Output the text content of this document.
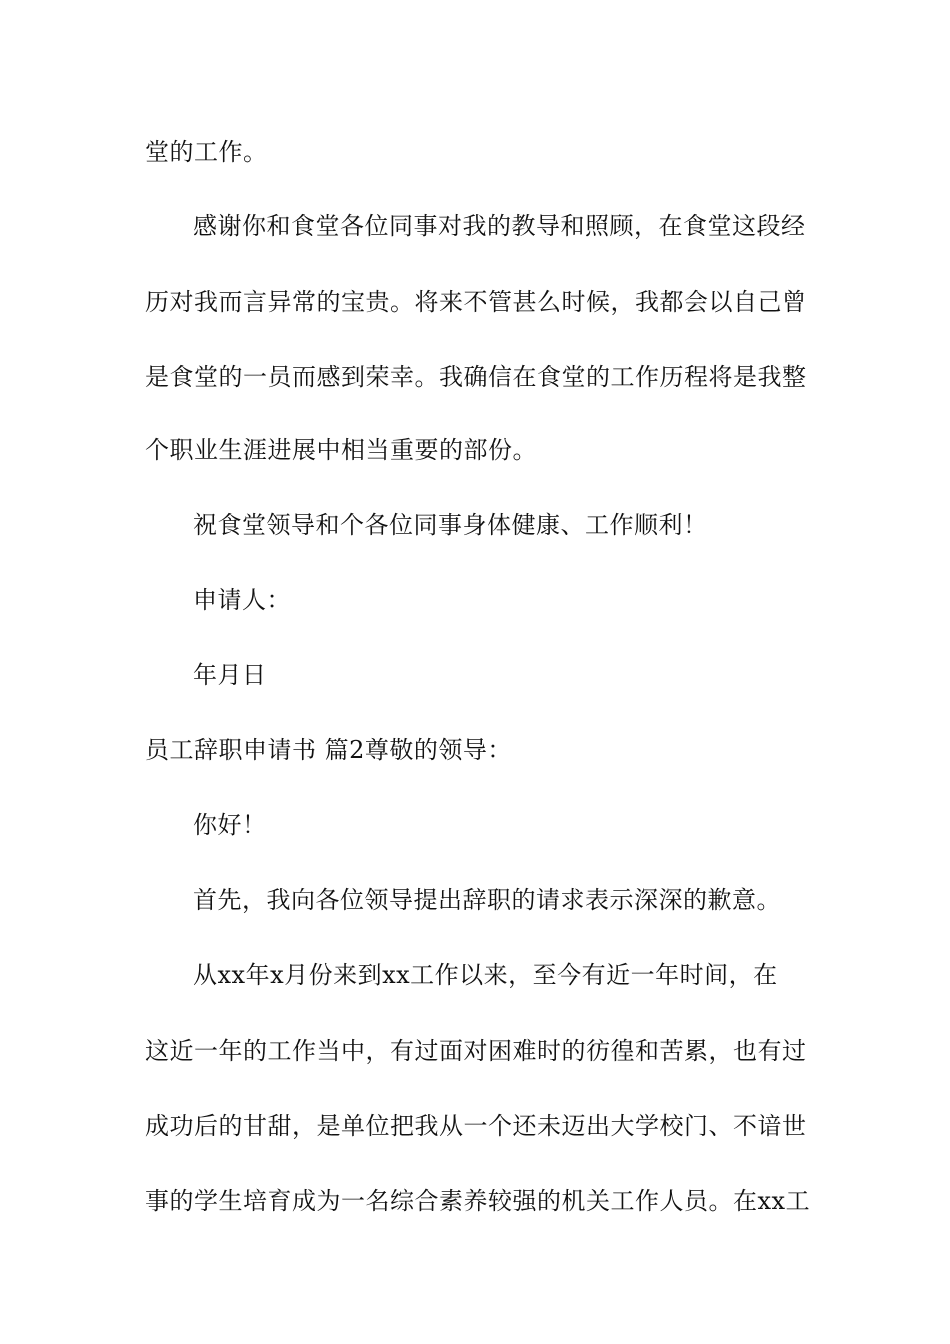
堂的工作。
感谢你和食堂各位同事对我的教导和照顾，在食堂这段经
历对我而言异常的宝贵。将来不管甚么时候，我都会以自己曾
是食堂的一员而感到荣幸。我确信在食堂的工作历程将是我整
个职业生涯进展中相当重要的部份。
祝食堂领导和个各位同事身体健康、工作顺利！
申请人：
年月日
员工辞职申请书 篇2尊敬的领导：
你好！
首先，我向各位领导提出辞职的请求表示深深的歉意。
从xx年x月份来到xx工作以来，至今有近一年时间，在
这近一年的工作当中，有过面对困难时的彷徨和苦累，也有过
成功后的甘甜，是单位把我从一个还未迈出大学校门、不谙世
事的学生培育成为一名综合素养较强的机关工作人员。在xx工
